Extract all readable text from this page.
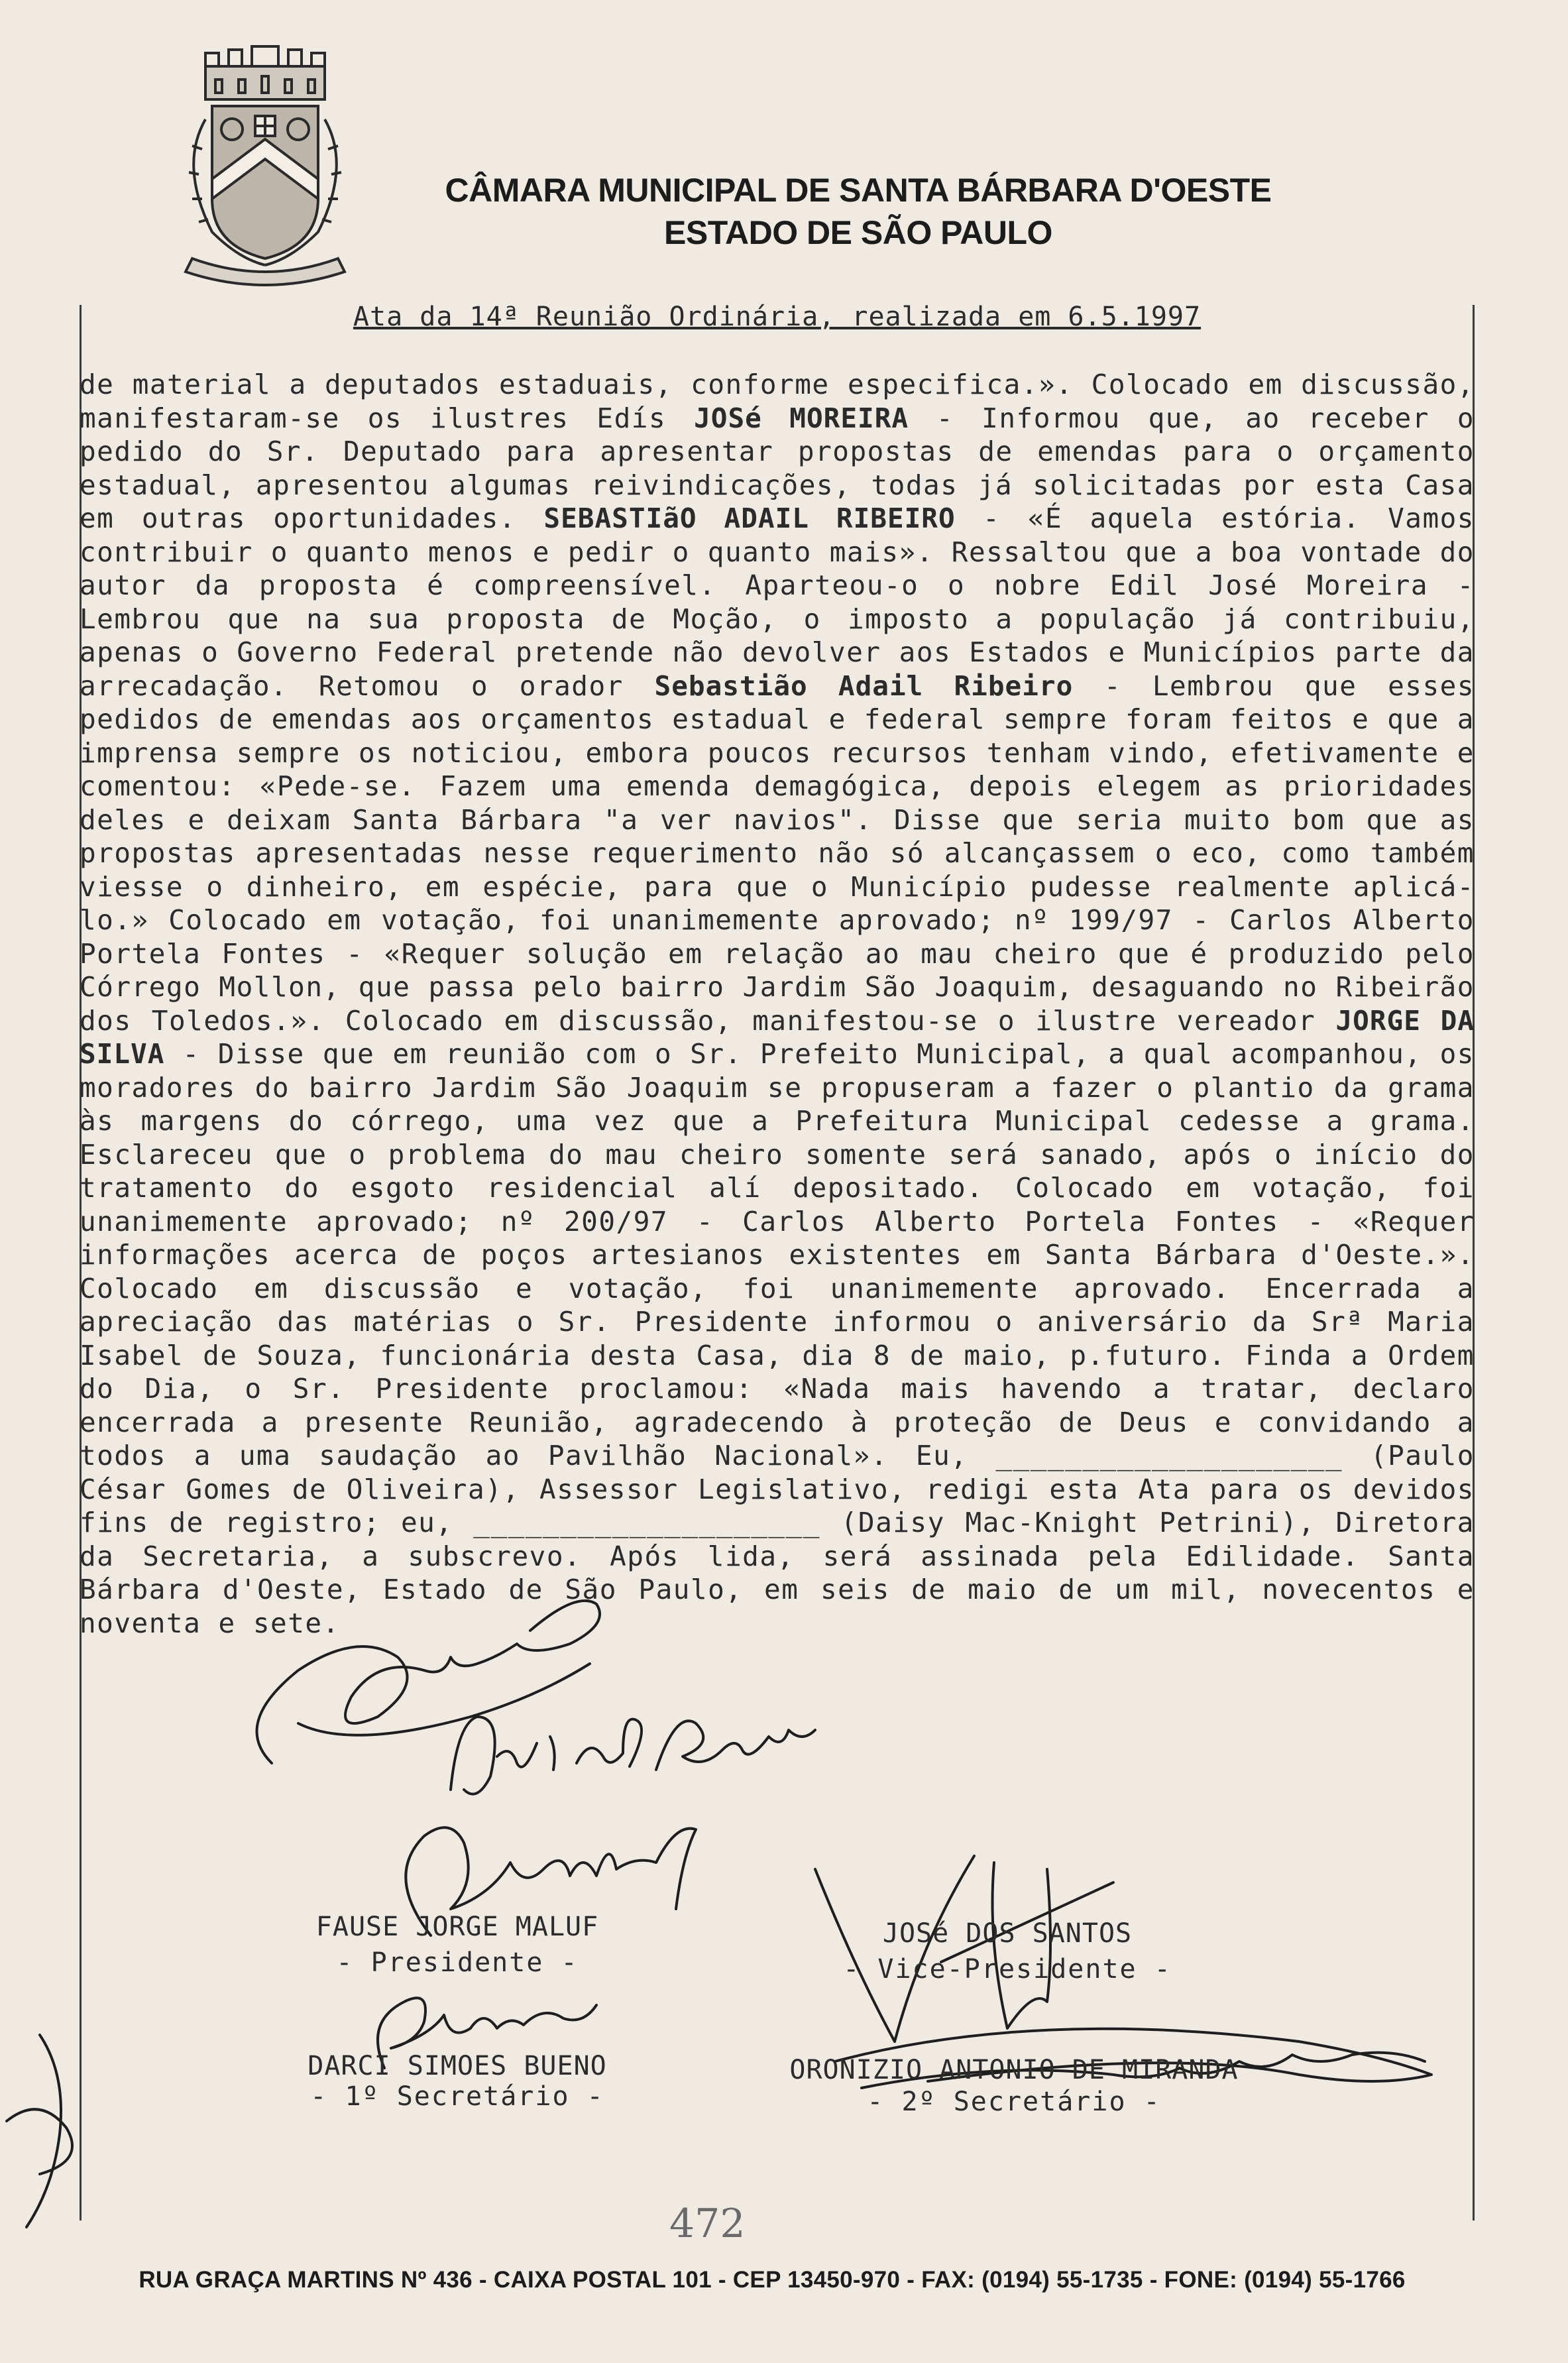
CÂMARA MUNICIPAL DE SANTA BÁRBARA D'OESTE
ESTADO DE SÃO PAULO
Ata da 14ª Reunião Ordinária, realizada em 6.5.1997
de material a deputados estaduais, conforme especifica.». Colocado em discussão, manifestaram-se os ilustres Edís JOSé MOREIRA - Informou que, ao receber o pedido do Sr. Deputado para apresentar propostas de emendas para o orçamento estadual, apresentou algumas reivindicações, todas já solicitadas por esta Casa em outras oportunidades. SEBASTIãO ADAIL RIBEIRO - «É aquela estória. Vamos contribuir o quanto menos e pedir o quanto mais». Ressaltou que a boa vontade do autor da proposta é compreensível. Aparteou-o o nobre Edil José Moreira - Lembrou que na sua proposta de Moção, o imposto a população já contribuiu, apenas o Governo Federal pretende não devolver aos Estados e Municípios parte da arrecadação. Retomou o orador Sebastião Adail Ribeiro - Lembrou que esses pedidos de emendas aos orçamentos estadual e federal sempre foram feitos e que a imprensa sempre os noticiou, embora poucos recursos tenham vindo, efetivamente e comentou: «Pede-se. Fazem uma emenda demagógica, depois elegem as prioridades deles e deixam Santa Bárbara "a ver navios". Disse que seria muito bom que as propostas apresentadas nesse requerimento não só alcançassem o eco, como também viesse o dinheiro, em espécie, para que o Município pudesse realmente aplicá-lo.» Colocado em votação, foi unanimemente aprovado; nº 199/97 - Carlos Alberto Portela Fontes - «Requer solução em relação ao mau cheiro que é produzido pelo Córrego Mollon, que passa pelo bairro Jardim São Joaquim, desaguando no Ribeirão dos Toledos.». Colocado em discussão, manifestou-se o ilustre vereador JORGE DA SILVA - Disse que em reunião com o Sr. Prefeito Municipal, a qual acompanhou, os moradores do bairro Jardim São Joaquim se propuseram a fazer o plantio da grama às margens do córrego, uma vez que a Prefeitura Municipal cedesse a grama. Esclareceu que o problema do mau cheiro somente será sanado, após o início do tratamento do esgoto residencial alí depositado. Colocado em votação, foi unanimemente aprovado; nº 200/97 - Carlos Alberto Portela Fontes - «Requer informações acerca de poços artesianos existentes em Santa Bárbara d'Oeste.». Colocado em discussão e votação, foi unanimemente aprovado. Encerrada a apreciação das matérias o Sr. Presidente informou o aniversário da Srª Maria Isabel de Souza, funcionária desta Casa, dia 8 de maio, p.futuro. Finda a Ordem do Dia, o Sr. Presidente proclamou: «Nada mais havendo a tratar, declaro encerrada a presente Reunião, agradecendo à proteção de Deus e convidando a todos a uma saudação ao Pavilhão Nacional». Eu, ____________________ (Paulo César Gomes de Oliveira), Assessor Legislativo, redigi esta Ata para os devidos fins de registro; eu, ____________________ (Daisy Mac-Knight Petrini), Diretora da Secretaria, a subscrevo. Após lida, será assinada pela Edilidade. Santa Bárbara d'Oeste, Estado de São Paulo, em seis de maio de um mil, novecentos e noventa e sete.
FAUSE JORGE MALUF
- Presidente -
JOSé DOS SANTOS
- Vice-Presidente -
DARCI SIMOES BUENO
- 1º Secretário -
ORONIZIO ANTONIO DE MIRANDA
- 2º Secretário -
472
RUA GRAÇA MARTINS Nº 436 - CAIXA POSTAL 101 - CEP 13450-970 - FAX: (0194) 55-1735 - FONE: (0194) 55-1766
